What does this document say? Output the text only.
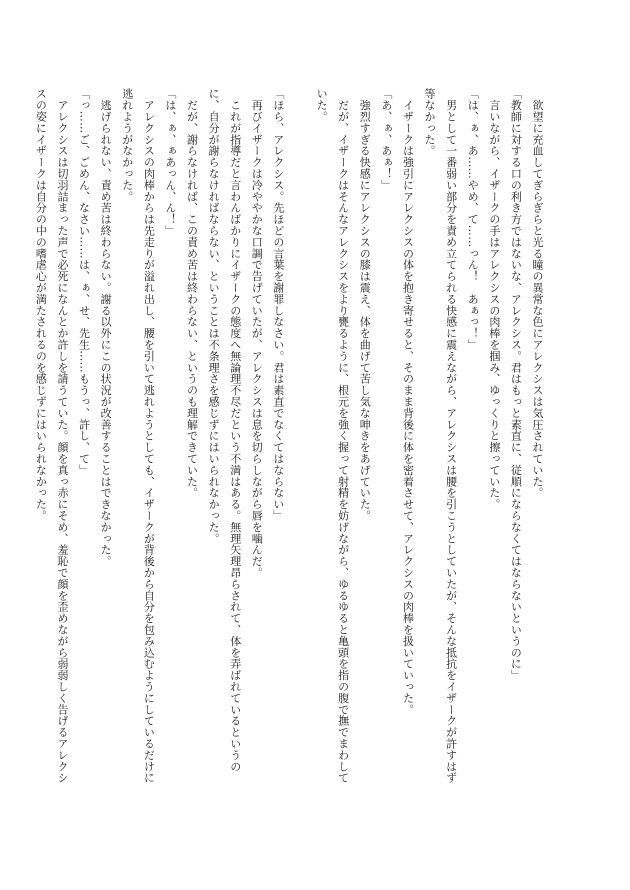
　欲望に充血してぎらぎらと光る瞳の異常な色にアレクシスは気圧されていた。

「教師に対する口の利き方ではないな、アレクシス。君はもっと素直に、従順にならなくてはならないというのに」

　言いながら、イザークの手はアレクシスの肉棒を掴み、ゆっくりと擦っていた。

「は、ぁ、あ……やめ、て……っん！　あぁっ！」

　男として一番弱い部分を責め立てられる快感に震えながら、アレクシスは腰を引こうとしていたが、そんな抵抗をイザークが許すはず等なかった。

　イザークは強引にアレクシスの体を抱き寄せると、そのまま背後に体を密着させて、アレクシスの肉棒を扱いていった。

「あ、ぁ、あぁ！」

　強烈すぎる快感にアレクシスの膝は震え、体を曲げて苦し気な呻きをあげていた。

　だが、イザークはそんなアレクシスをより甕るように、根元を強く握って射精を妨げながら、ゆるゆると亀頭を指の腹で撫でまわしていた。

「ほら、アレクシス。先ほどの言葉を謝罪しなさい。君は素直でなくてはならない」

　再びイザークは冷ややかな口調で告げていたが、アレクシスは息を切らしながら唇を噛んだ。

　これが指導だと言わんばかりにイザークの態度へ無論理不尽だという不満はある。無理矢理昂らされて、体を弄ばれているというのに、自分が謝らなければならない、ということは不条理さを感じずにはいられなかった。

　だが、謝らなければ、この責め苦は終わらない、というのも理解できていた。

「は、ぁ、ぁあっん、ん！」

　アレクシスの肉棒からは先走りが溢れ出し、腰を引いて逃れようとしても、イザークが背後から自分を包み込むようにしているだけに逃れようがなかった。

　逃げられない、責め苦は終わらない。謝る以外にこの状況が改善することはできなかった。

「っ……ご、ごめん、なさい……は、ぁ、せ、先生……もうっ、許し、て」

　アレクシスは切羽詰まった声で必死になんとか許しを請うていた。顔を真っ赤にそめ、羞恥で顔を歪めながら弱弱しく告げるアレクシスの姿にイザークは自分の中の嗜虐心が満たされるのを感じずにはいられなかった。
